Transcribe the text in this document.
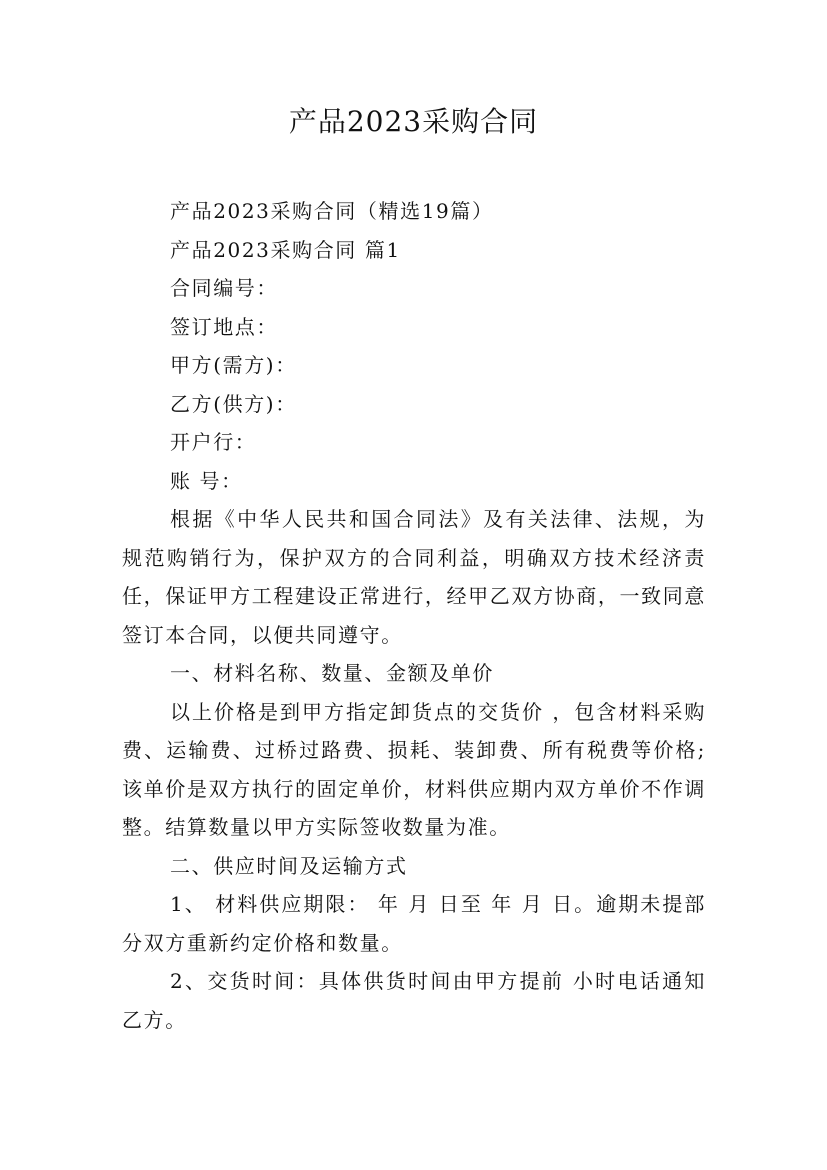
产品2023采购合同

产品2023采购合同（精选19篇）

产品2023采购合同 篇1

合同编号：

签订地点：

甲方(需方)：

乙方(供方)：

开户行：

账 号：

根据《中华人民共和国合同法》及有关法律、法规，为规范购销行为，保护双方的合同利益，明确双方技术经济责任，保证甲方工程建设正常进行，经甲乙双方协商，一致同意签订本合同，以便共同遵守。

一、材料名称、数量、金额及单价

以上价格是到甲方指定卸货点的交货价 ，包含材料采购费、运输费、过桥过路费、损耗、装卸费、所有税费等价格;该单价是双方执行的固定单价，材料供应期内双方单价不作调整。结算数量以甲方实际签收数量为准。

二、供应时间及运输方式

1、 材料供应期限： 年 月 日至 年 月 日。逾期未提部分双方重新约定价格和数量。

2、交货时间：具体供货时间由甲方提前 小时电话通知乙方。
